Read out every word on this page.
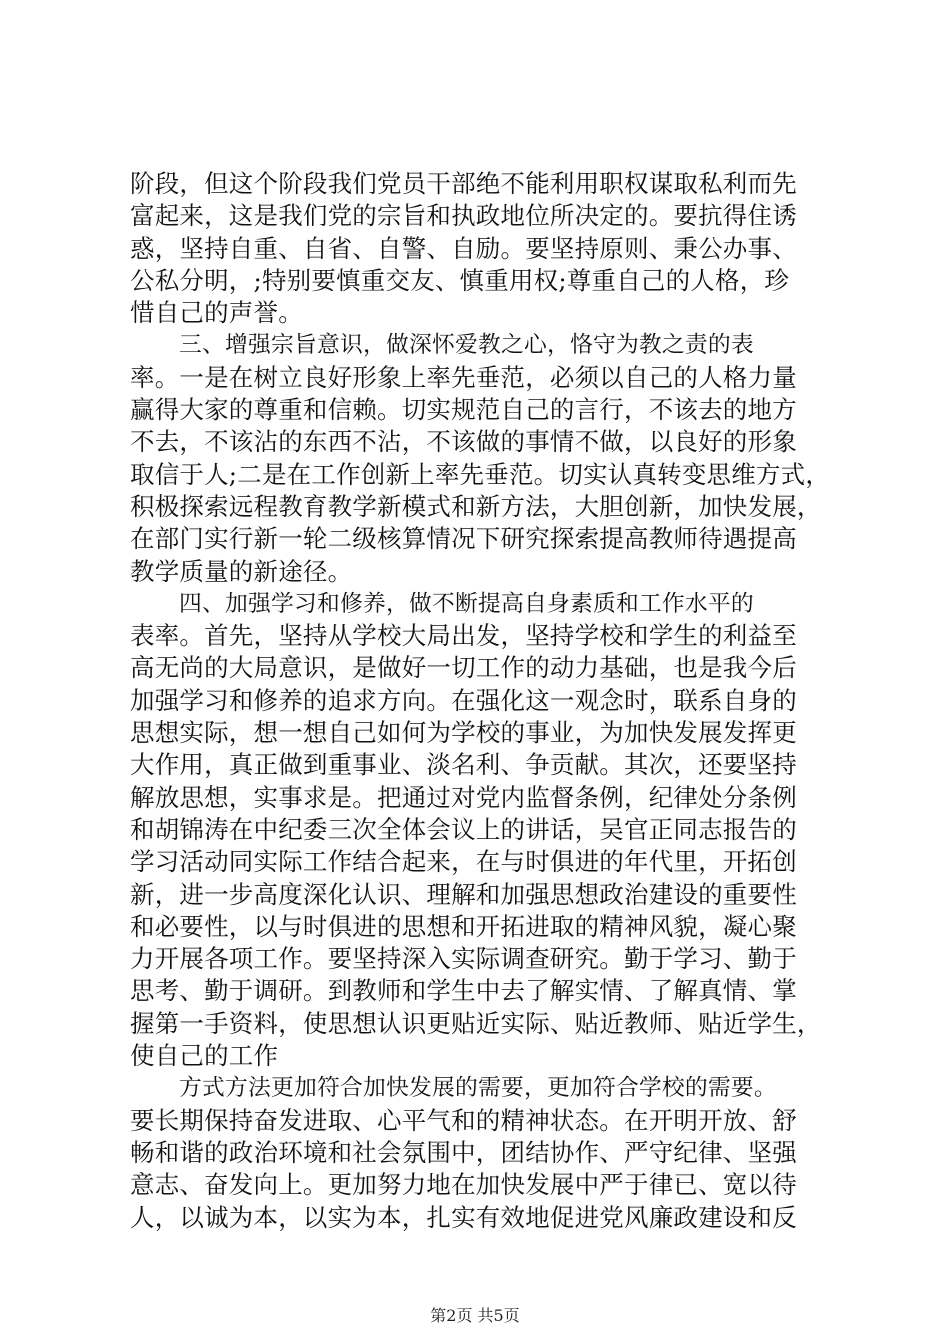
阶段，但这个阶段我们党员干部绝不能利用职权谋取私利而先
富起来，这是我们党的宗旨和执政地位所决定的。要抗得住诱
惑，坚持自重、自省、自警、自励。要坚持原则、秉公办事、
公私分明，;特别要慎重交友、慎重用权;尊重自己的人格，珍
惜自己的声誉。
三、增强宗旨意识，做深怀爱教之心，恪守为教之责的表
率。一是在树立良好形象上率先垂范，必须以自己的人格力量
赢得大家的尊重和信赖。切实规范自己的言行，不该去的地方
不去，不该沾的东西不沾，不该做的事情不做，以良好的形象
取信于人;二是在工作创新上率先垂范。切实认真转变思维方式，
积极探索远程教育教学新模式和新方法，大胆创新，加快发展，
在部门实行新一轮二级核算情况下研究探索提高教师待遇提高
教学质量的新途径。
四、加强学习和修养，做不断提高自身素质和工作水平的
表率。首先，坚持从学校大局出发，坚持学校和学生的利益至
高无尚的大局意识，是做好一切工作的动力基础，也是我今后
加强学习和修养的追求方向。在强化这一观念时，联系自身的
思想实际，想一想自己如何为学校的事业，为加快发展发挥更
大作用，真正做到重事业、淡名利、争贡献。其次，还要坚持
解放思想，实事求是。把通过对党内监督条例，纪律处分条例
和胡锦涛在中纪委三次全体会议上的讲话，吴官正同志报告的
学习活动同实际工作结合起来，在与时俱进的年代里，开拓创
新，进一步高度深化认识、理解和加强思想政治建设的重要性
和必要性，以与时俱进的思想和开拓进取的精神风貌，凝心聚
力开展各项工作。要坚持深入实际调查研究。勤于学习、勤于
思考、勤于调研。到教师和学生中去了解实情、了解真情、掌
握第一手资料，使思想认识更贴近实际、贴近教师、贴近学生，
使自己的工作
方式方法更加符合加快发展的需要，更加符合学校的需要。
要长期保持奋发进取、心平气和的精神状态。在开明开放、舒
畅和谐的政治环境和社会氛围中，团结协作、严守纪律、坚强
意志、奋发向上。更加努力地在加快发展中严于律已、宽以待
人，以诚为本，以实为本，扎实有效地促进党风廉政建设和反
第2页 共5页
